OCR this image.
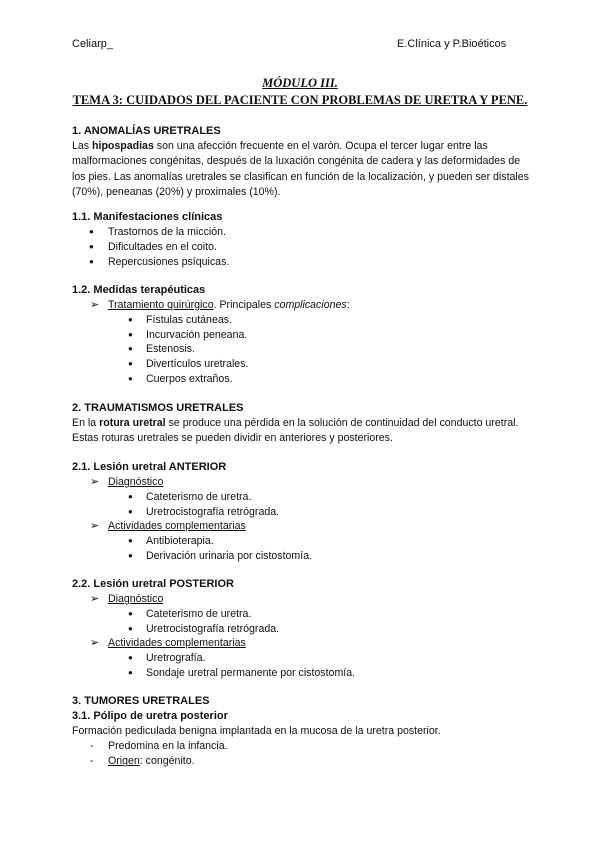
Celiarp_	E.Clínica y P.Bioéticos
MÓDULO III.
TEMA 3: CUIDADOS DEL PACIENTE CON PROBLEMAS DE URETRA Y PENE.
1. ANOMALÍAS URETRALES

Las hipospadias son una afección frecuente en el varón. Ocupa el tercer lugar entre las malformaciones congénitas, después de la luxación congénita de cadera y las deformidades de los pies. Las anomalías uretrales se clasifican en función de la localización, y pueden ser distales (70%), peneanas (20%) y proximales (10%).

1.1. Manifestaciones clínicas
● Trastornos de la micción.
● Dificultades en el coito.
● Repercusiones psíquicas.
1.2. Medidas terapéuticas
➢ Tratamiento quirúrgico. Principales complicaciones:
● Fístulas cutáneas.
● Incurvación peneana.
● Estenosis.
● Divertículos uretrales.
● Cuerpos extraños.
2. TRAUMATISMOS URETRALES

En la rotura uretral se produce una pérdida en la solución de continuidad del conducto uretral. Estas roturas uretrales se pueden dividir en anteriores y posteriores.

2.1. Lesión uretral ANTERIOR
➢ Diagnóstico
● Cateterismo de uretra.
● Uretrocistografía retrógrada.
➢ Actividades complementarias
● Antibioterapia.
● Derivación urinaria por cistostomía.
2.2. Lesión uretral POSTERIOR
➢ Diagnóstico
● Cateterismo de uretra.
● Uretrocistografía retrógrada.
➢ Actividades complementarias
● Uretrografía.
● Sondaje uretral permanente por cistostomía.
3. TUMORES URETRALES
3.1. Pólipo de uretra posterior

Formación pediculada benigna implantada en la mucosa de la uretra posterior.

- Predomina en la infancia.
- Origen: congénito.
